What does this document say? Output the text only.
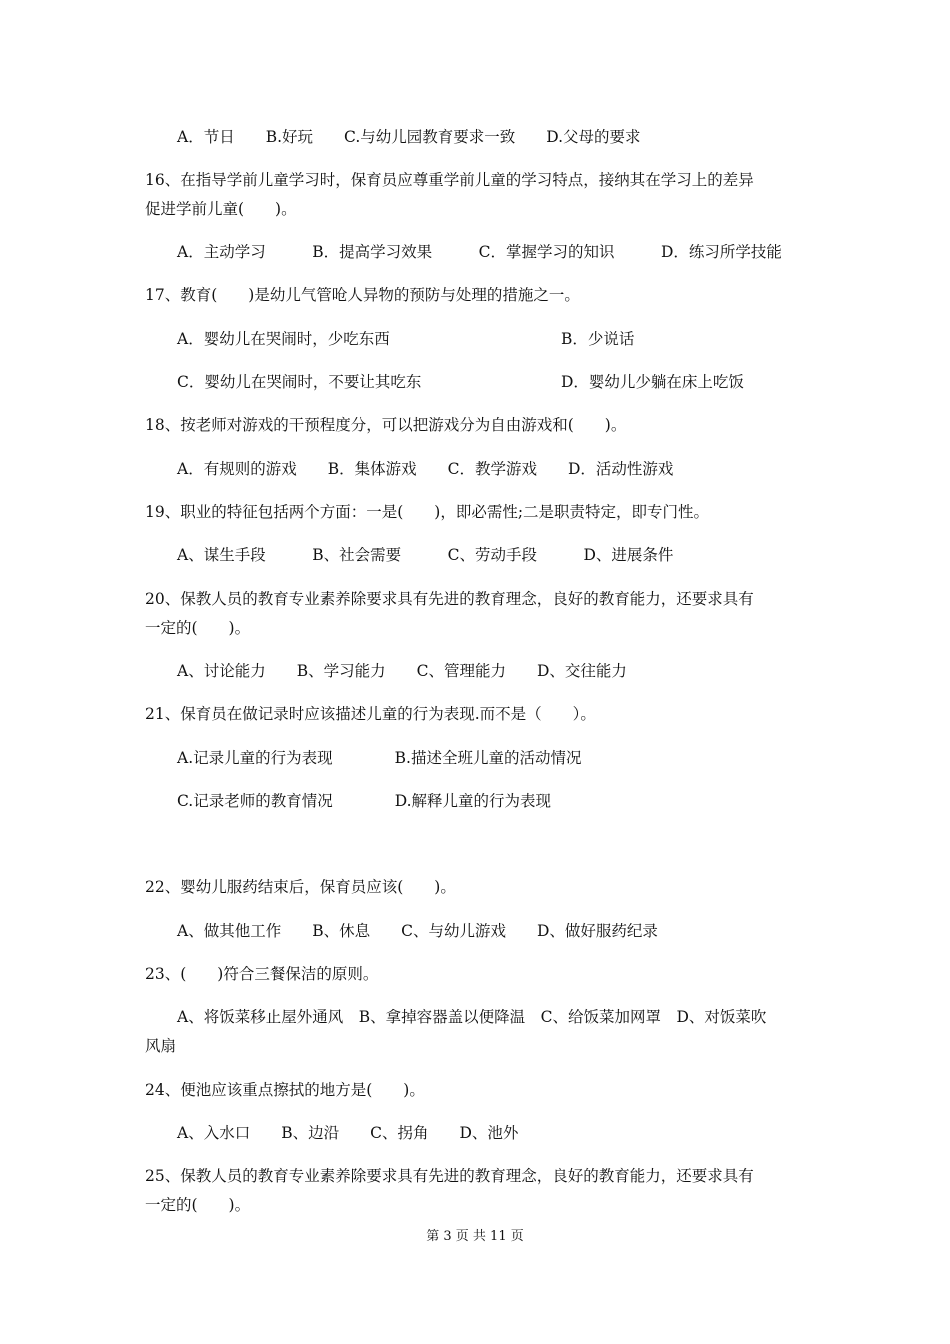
A．节日　　B.好玩　　C.与幼儿园教育要求一致　　D.父母的要求
16、在指导学前儿童学习时，保育员应尊重学前儿童的学习特点，接纳其在学习上的差异
促进学前儿童(　　)。
A．主动学习　　　B．提高学习效果　　　C．掌握学习的知识　　　D．练习所学技能
17、教育(　　)是幼儿气管呛人异物的预防与处理的措施之一。
A．婴幼儿在哭闹时，少吃东西	B．少说话
C．婴幼儿在哭闹时，不要让其吃东	D．婴幼儿少躺在床上吃饭
18、按老师对游戏的干预程度分，可以把游戏分为自由游戏和(　　)。
A．有规则的游戏　　B．集体游戏　　C．教学游戏　　D．活动性游戏
19、职业的特征包括两个方面：一是(　　)，即必需性;二是职责特定，即专门性。
A、谋生手段　　　B、社会需要　　　C、劳动手段　　　D、进展条件
20、保教人员的教育专业素养除要求具有先进的教育理念，良好的教育能力，还要求具有
一定的(　　)。
A、讨论能力　　B、学习能力　　C、管理能力　　D、交往能力
21、保育员在做记录时应该描述儿童的行为表现.而不是（　　）。
A.记录儿童的行为表现　　　　B.描述全班儿童的活动情况
C.记录老师的教育情况　　　　D.解释儿童的行为表现
22、婴幼儿服药结束后，保育员应该(　　)。
A、做其他工作　　B、休息　　C、与幼儿游戏　　D、做好服药纪录
23、(　　)符合三餐保洁的原则。
A、将饭菜移止屋外通风　B、拿掉容器盖以便降温　C、给饭菜加网罩　D、对饭菜吹
风扇
24、便池应该重点擦拭的地方是(　　)。
A、入水口　　B、边沿　　C、拐角　　D、池外
25、保教人员的教育专业素养除要求具有先进的教育理念，良好的教育能力，还要求具有
一定的(　　)。
第 3 页 共 11 页
